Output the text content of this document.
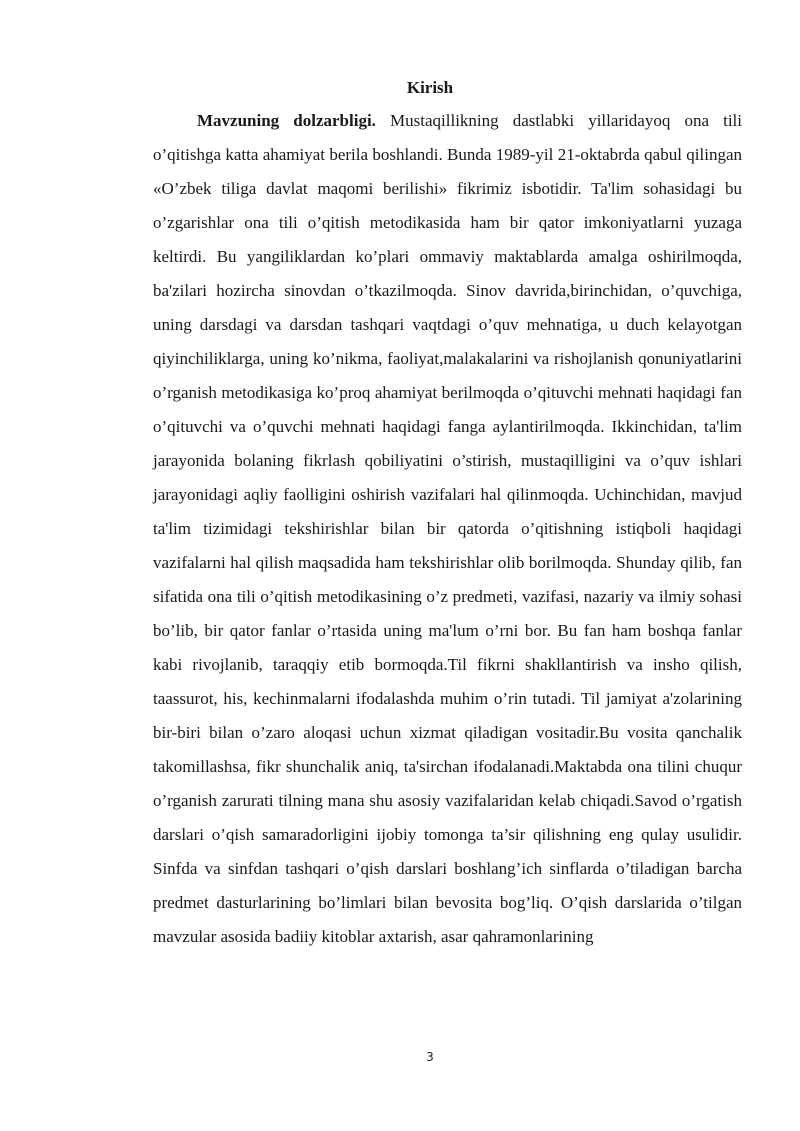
Kirish

Mavzuning dolzarbligi. Mustaqillikning dastlabki yillaridayoq ona tili o’qitishga katta ahamiyat berila boshlandi. Bunda 1989-yil 21-oktabrda qabul qilingan «O’zbek tiliga davlat maqomi berilishi» fikrimiz isbotidir. Ta'lim sohasidagi bu o’zgarishlar ona tili o’qitish metodikasida ham bir qator imkoniyatlarni yuzaga keltirdi. Bu yangiliklardan ko’plari ommaviy maktablarda amalga oshirilmoqda, ba'zilari hozircha sinovdan o’tkazilmoqda. Sinov davrida,birinchidan, o’quvchiga, uning darsdagi va darsdan tashqari vaqtdagi o’quv mehnatiga, u duch kelayotgan qiyinchiliklarga, uning ko’nikma, faoliyat,malakalarini va rishojlanish qonuniyatlarini o’rganish metodikasiga ko’proq ahamiyat berilmoqda o’qituvchi mehnati haqidagi fan o’qituvchi va o’quvchi mehnati haqidagi fanga aylantirilmoqda. Ikkinchidan, ta'lim jarayonida bolaning fikrlash qobiliyatini o’stirish, mustaqilligini va o’quv ishlari jarayonidagi aqliy faolligini oshirish vazifalari hal qilinmoqda. Uchinchidan, mavjud ta'lim tizimidagi tekshirishlar bilan bir qatorda o’qitishning istiqboli haqidagi vazifalarni hal qilish maqsadida ham tekshirishlar olib borilmoqda. Shunday qilib, fan sifatida ona tili o’qitish metodikasining o’z predmeti, vazifasi, nazariy va ilmiy sohasi bo’lib, bir qator fanlar o’rtasida uning ma'lum o’rni bor. Bu fan ham boshqa fanlar kabi rivojlanib, taraqqiy etib bormoqda.Til fikrni shakllantirish va insho qilish, taassurot, his, kechinmalarni ifodalashda muhim o’rin tutadi. Til jamiyat a'zolarining bir-biri bilan o’zaro aloqasi uchun xizmat qiladigan vositadir.Bu vosita qanchalik takomillashsa, fikr shunchalik aniq, ta'sirchan ifodalanadi.Maktabda ona tilini chuqur o’rganish zarurati tilning mana shu asosiy vazifalaridan kelab chiqadi.Savod o’rgatish darslari o’qish samaradorligini ijobiy tomonga ta’sir qilishning eng qulay usulidir. Sinfda va sinfdan tashqari o’qish darslari boshlang’ich sinflarda o’tiladigan barcha predmet dasturlarining bo’limlari bilan bevosita bog’liq. O’qish darslarida o’tilgan mavzular asosida badiiy kitoblar axtarish, asar qahramonlarining

3
